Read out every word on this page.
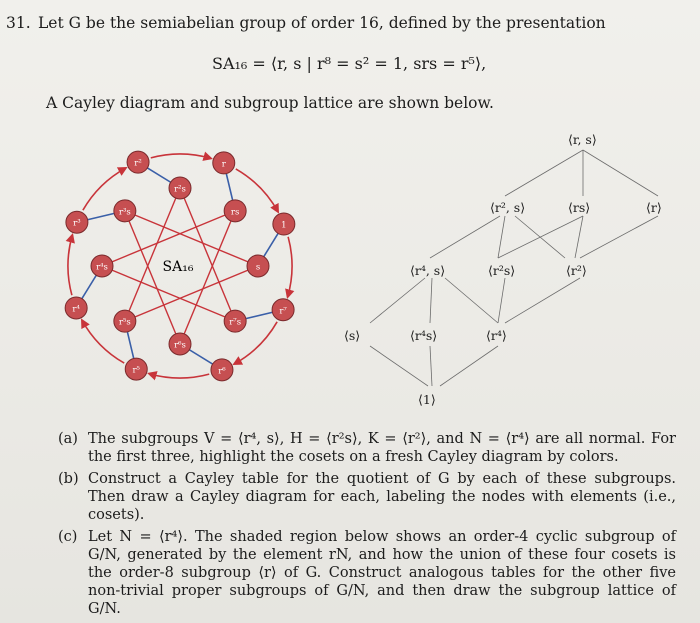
31. Let G be the semiabelian group of order 16, defined by the presentation
SA₁₆ = ⟨r, s | r⁸ = s² = 1, srs = r⁵⟩,
A Cayley diagram and subgroup lattice are shown below.
r²	r
1
r⁷
r⁶
r⁵
r⁴
r³
r²s
rs
s
r⁷s
r⁶s
r⁵s
r⁴s
r³s
SA₁₆
⟨r, s⟩
⟨r², s⟩	⟨rs⟩	⟨r⟩
⟨r⁴, s⟩	⟨r²s⟩	⟨r²⟩
⟨s⟩	⟨r⁴s⟩	⟨r⁴⟩
⟨1⟩
(a) The subgroups V = ⟨r⁴, s⟩, H = ⟨r²s⟩, K = ⟨r²⟩, and N = ⟨r⁴⟩ are all normal. For the first three, highlight the cosets on a fresh Cayley diagram by colors.
(b) Construct a Cayley table for the quotient of G by each of these subgroups. Then draw a Cayley diagram for each, labeling the nodes with elements (i.e., cosets).
(c) Let N = ⟨r⁴⟩. The shaded region below shows an order-4 cyclic subgroup of G/N, generated by the element rN, and how the union of these four cosets is the order-8 subgroup ⟨r⟩ of G. Construct analogous tables for the other five non-trivial proper subgroups of G/N, and then draw the subgroup lattice of G/N.
